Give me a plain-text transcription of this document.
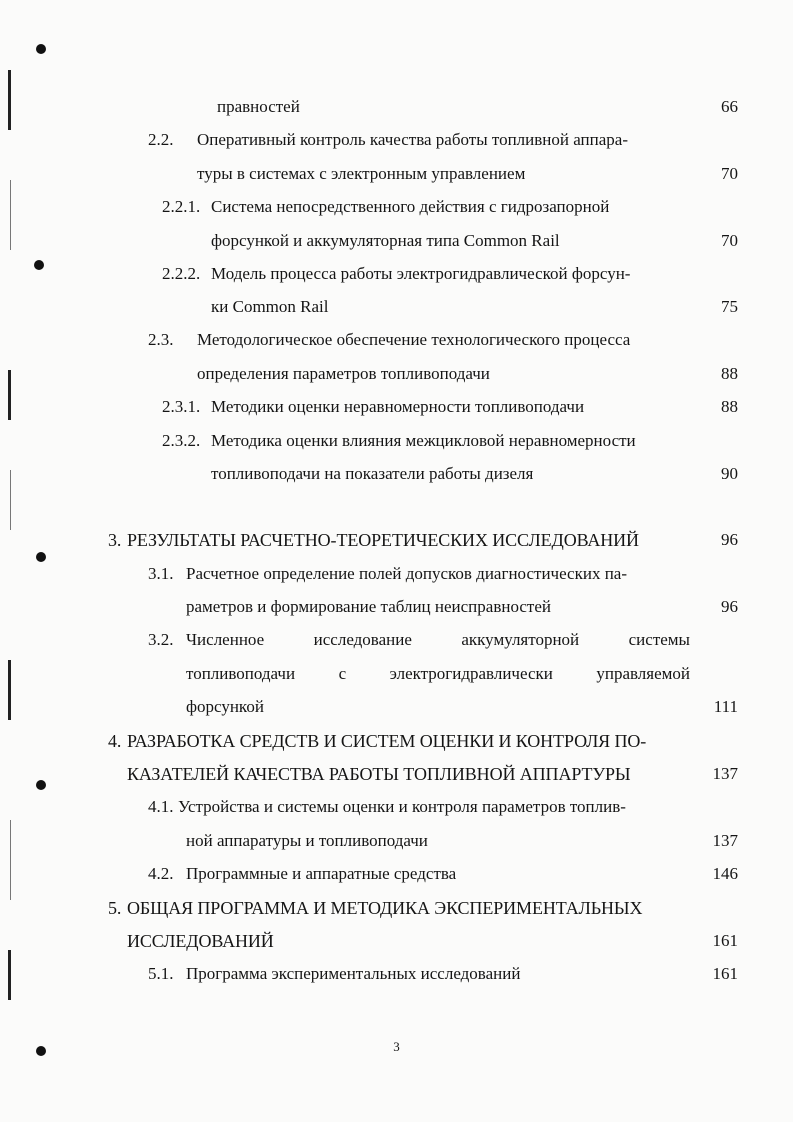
правностей	66
2.2. Оперативный контроль качества работы топливной аппара-
туры в системах с электронным управлением	70
2.2.1. Система непосредственного действия с гидрозапорной
форсункой и аккумуляторная типа Common Rail	70
2.2.2. Модель процесса работы электрогидравлической форсун-
ки Common Rail	75
2.3. Методологическое обеспечение технологического процесса
определения параметров топливоподачи	88
2.3.1. Методики оценки неравномерности топливоподачи	88
2.3.2. Методика оценки влияния межцикловой неравномерности
топливоподачи на показатели работы дизеля	90
3. РЕЗУЛЬТАТЫ РАСЧЕТНО-ТЕОРЕТИЧЕСКИХ ИССЛЕДОВАНИЙ	96
3.1. Расчетное определение полей допусков диагностических па-
раметров и формирование таблиц неисправностей	96
3.2. Численное	исследование	аккумуляторной	системы
топливоподачи	с	электрогидравлически	управляемой
форсункой	111
4. РАЗРАБОТКА СРЕДСТВ И СИСТЕМ ОЦЕНКИ И КОНТРОЛЯ ПО-
КАЗАТЕЛЕЙ КАЧЕСТВА РАБОТЫ ТОПЛИВНОЙ АППАРТУРЫ	137
4.1. Устройства и системы оценки и контроля параметров топлив-
ной аппаратуры и топливоподачи	137
4.2. Программные и аппаратные средства	146
5. ОБЩАЯ ПРОГРАММА И МЕТОДИКА ЭКСПЕРИМЕНТАЛЬНЫХ
ИССЛЕДОВАНИЙ	161
5.1. Программа экспериментальных исследований	161
3
